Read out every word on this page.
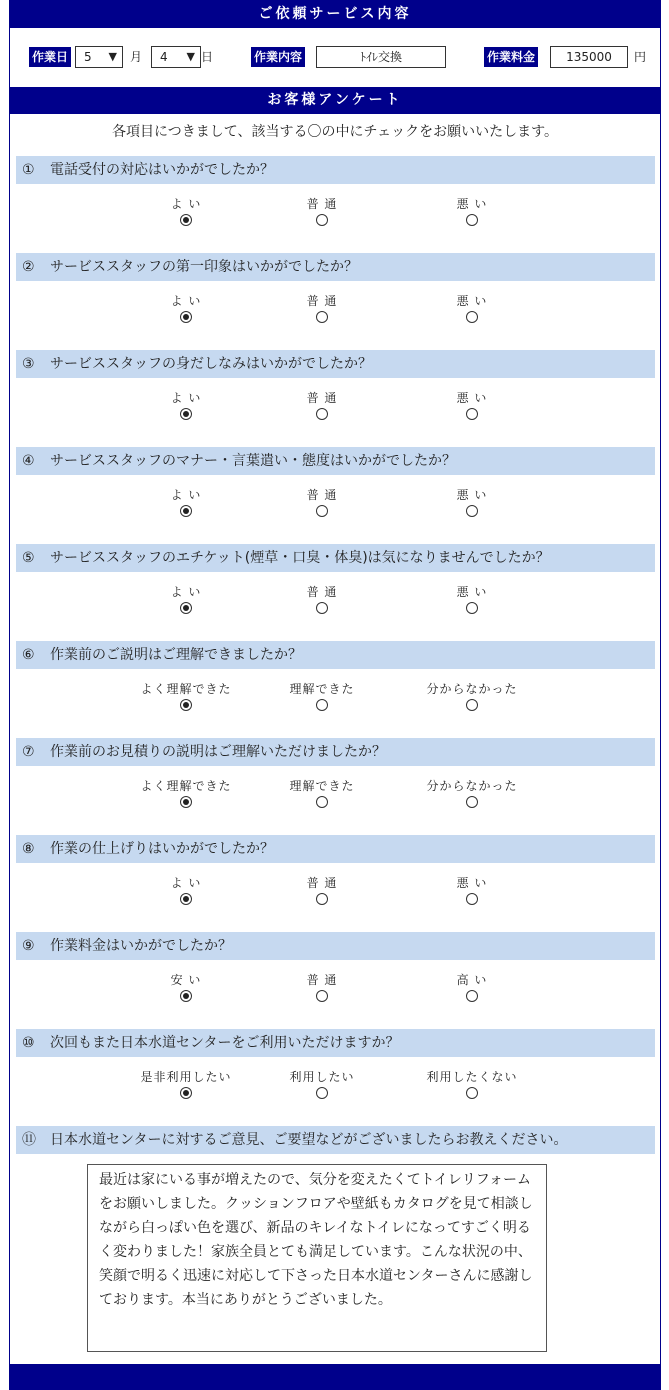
ご依頼サービス内容
作業日	5 ▼ 月	4 ▼ 日	作業内容	ﾄｲﾚ交換	作業料金	135000	円
お客様アンケート
各項目につきまして、該当する〇の中にチェックをお願いいたします。
① 電話受付の対応はいかがでしたか？
よ い	普 通	悪 い
② サービススタッフの第一印象はいかがでしたか？
よ い	普 通	悪 い
③ サービススタッフの身だしなみはいかがでしたか？
よ い	普 通	悪 い
④ サービススタッフのマナー・言葉遣い・態度はいかがでしたか？
よ い	普 通	悪 い
⑤ サービススタッフのエチケット(煙草・口臭・体臭)は気になりませんでしたか？
よ い	普 通	悪 い
⑥ 作業前のご説明はご理解できましたか？
よく理解できた	理解できた	分からなかった
⑦ 作業前のお見積りの説明はご理解いただけましたか？
よく理解できた	理解できた	分からなかった
⑧ 作業の仕上げりはいかがでしたか？
よ い	普 通	悪 い
⑨ 作業料金はいかがでしたか？
安 い	普 通	高 い
⑩ 次回もまた日本水道センターをご利用いただけますか？
是非利用したい	利用したい	利用したくない
⑪ 日本水道センターに対するご意見、ご要望などがございましたらお教えください。
最近は家にいる事が増えたので、気分を変えたくてトイレリフォームをお願いしました。クッションフロアや壁紙もカタログを見て相談しながら白っぽい色を選び、新品のキレイなトイレになってすごく明るく変わりました！家族全員とても満足しています。こんな状況の中、笑顔で明るく迅速に対応して下さった日本水道センターさんに感謝しております。本当にありがとうございました。
